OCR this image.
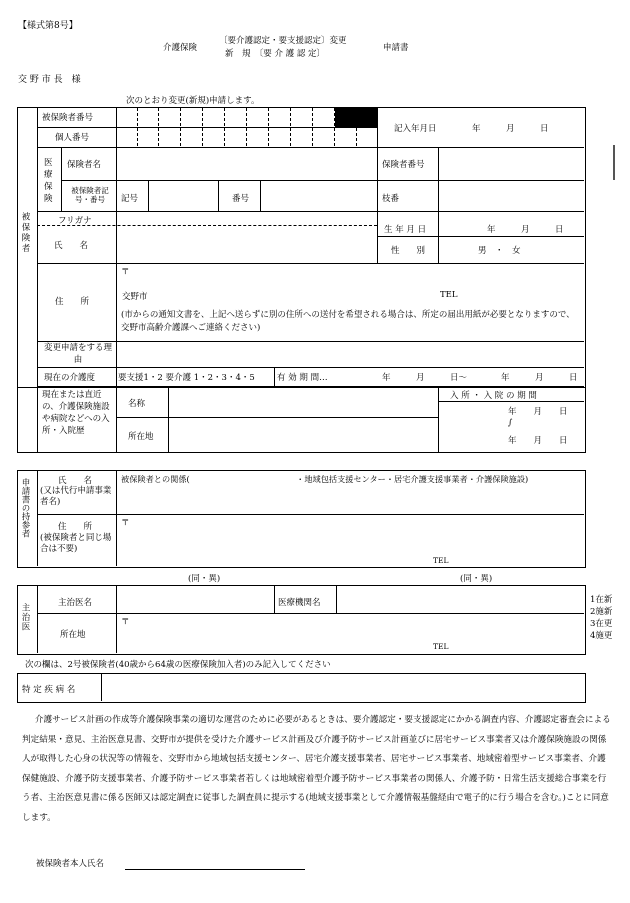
【様式第8号】
介護保険
〔要介護認定・要支援認定〕変更
新　規　〔要 介 護 認 定〕
申請書
交 野 市 長　様
次のとおり変更(新規)申請します。
被保険者
被保険者番号
個人番号
記入年月日	年　　　月　　　日
医療保険
保険者名	保険者番号
被保険者記号・番号	記号	番号	枝番
フリガナ
氏　　名
生 年 月 日	年　　　月　　　日
性　　別	男　・　女
住　　所
〒
交野市	TEL
(市からの通知文書を、上記へ送らずに別の住所への送付を希望される場合は、所定の届出用紙が必要となりますので、交野市高齢介護課へご連絡ください)
変更申請をする理由
現在の介護度	要支援1・2 要介護 1・2・3・4・5	有 効 期 間…	年　　　月　　　日～　　　　年　　　月　　　日
現在または直近の、介護保険施設や病院などへの入所・入院歴
名称
所在地
入 所 ・ 入 院 の 期 間
年　　月　　日
∫
年　　月　　日
申請書の持参者	氏　　名
(又は代行申請事業者名)
被保険者との関係(　　　　　　　　　　　　　・地域包括支援センター・居宅介護支援事業者・介護保険施設)
住　　所
(被保険者と同じ場合は不要)
〒
TEL
(同・異)	(同・異)
主治医	主治医名	医療機関名
所在地
〒
TEL
1在新
2施新
3在更
4施更
次の欄は、2号被保険者(40歳から64歳の医療保険加入者)のみ記入してください
特 定 疾 病 名
介護サービス計画の作成等介護保険事業の適切な運営のために必要があるときは、要介護認定・要支援認定にかかる調査内容、介護認定審査会による判定結果・意見、主治医意見書、交野市が提供を受けた介護サービス計画及び介護予防サービス計画並びに居宅サービス事業者又は介護保険施設の関係人が取得した心身の状況等の情報を、交野市から地域包括支援センター、居宅介護支援事業者、居宅サービス事業者、地域密着型サービス事業者、介護保健施設、介護予防支援事業者、介護予防サービス事業者若しくは地域密着型介護予防サービス事業者の関係人、介護予防・日常生活支援総合事業を行う者、主治医意見書に係る医師又は認定調査に従事した調査員に提示する(地域支援事業として介護情報基盤経由で電子的に行う場合を含む。)ことに同意します。
被保険者本人氏名
